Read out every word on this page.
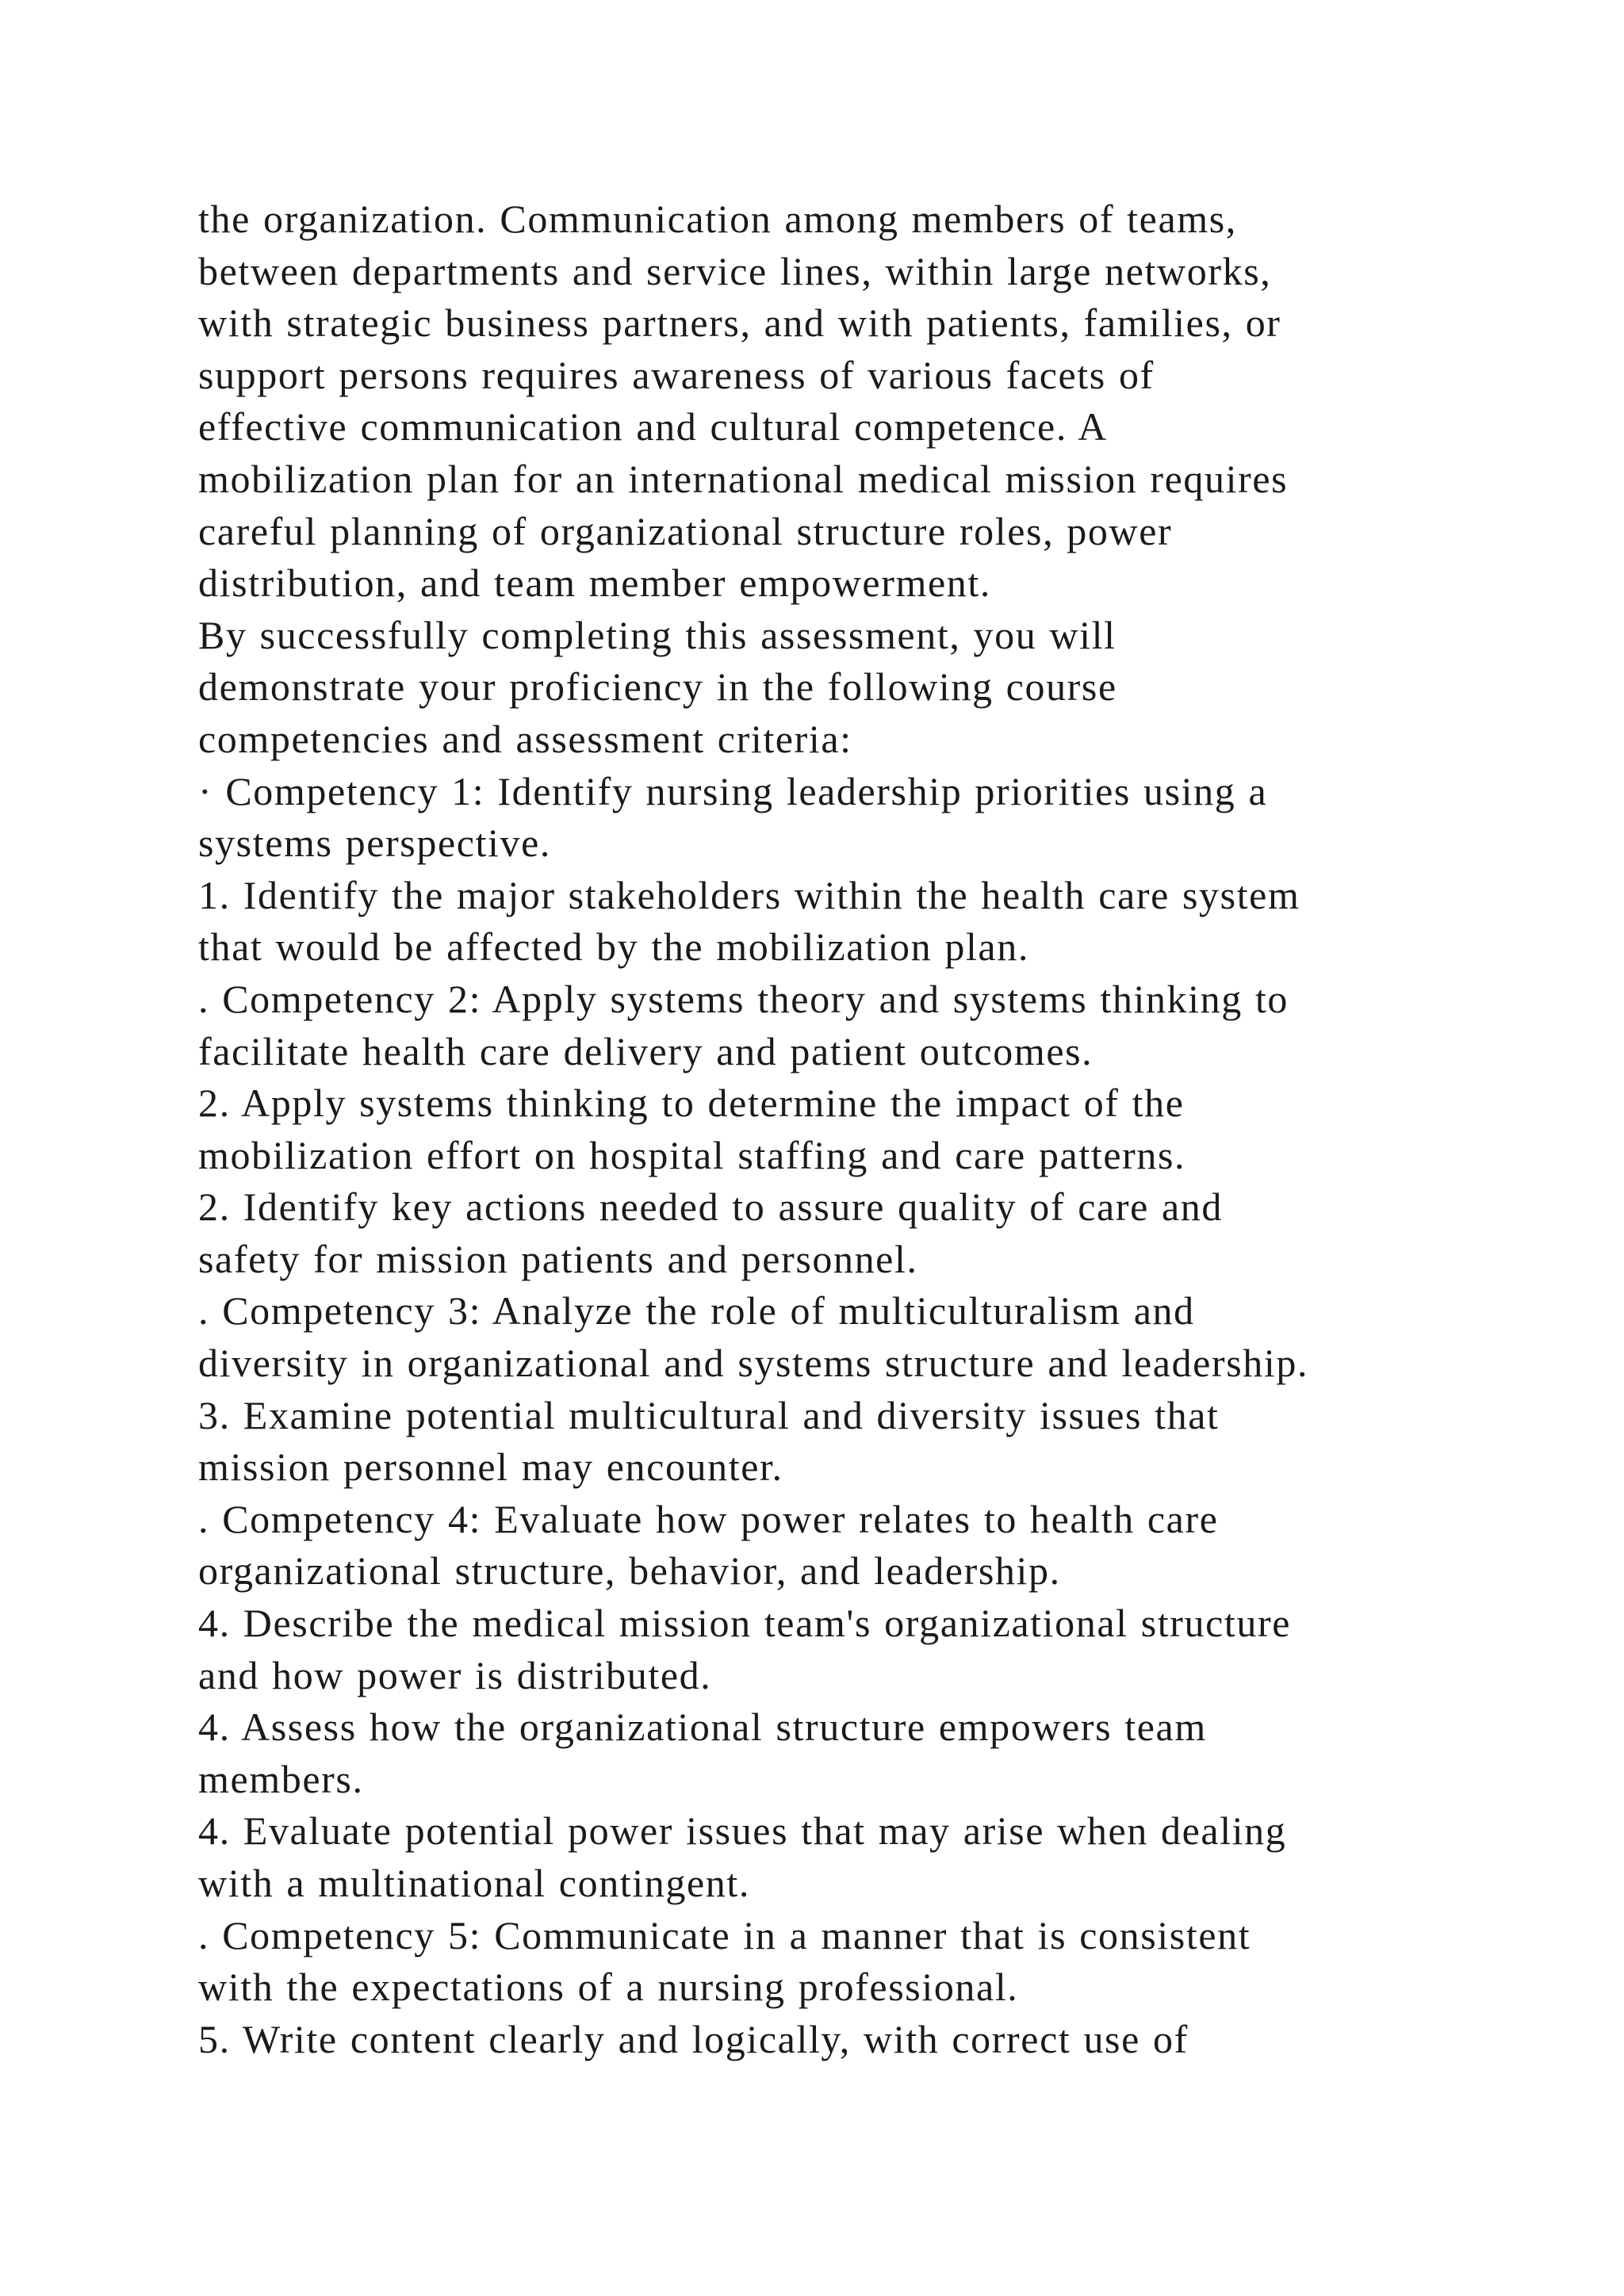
the organization. Communication among members of teams,
between departments and service lines, within large networks,
with strategic business partners, and with patients, families, or
support persons requires awareness of various facets of
effective communication and cultural competence. A
mobilization plan for an international medical mission requires
careful planning of organizational structure roles, power
distribution, and team member empowerment.
By successfully completing this assessment, you will
demonstrate your proficiency in the following course
competencies and assessment criteria:
· Competency 1: Identify nursing leadership priorities using a
systems perspective.
1. Identify the major stakeholders within the health care system
that would be affected by the mobilization plan.
. Competency 2: Apply systems theory and systems thinking to
facilitate health care delivery and patient outcomes.
2. Apply systems thinking to determine the impact of the
mobilization effort on hospital staffing and care patterns.
2. Identify key actions needed to assure quality of care and
safety for mission patients and personnel.
. Competency 3: Analyze the role of multiculturalism and
diversity in organizational and systems structure and leadership.
3. Examine potential multicultural and diversity issues that
mission personnel may encounter.
. Competency 4: Evaluate how power relates to health care
organizational structure, behavior, and leadership.
4. Describe the medical mission team's organizational structure
and how power is distributed.
4. Assess how the organizational structure empowers team
members.
4. Evaluate potential power issues that may arise when dealing
with a multinational contingent.
. Competency 5: Communicate in a manner that is consistent
with the expectations of a nursing professional.
5. Write content clearly and logically, with correct use of
